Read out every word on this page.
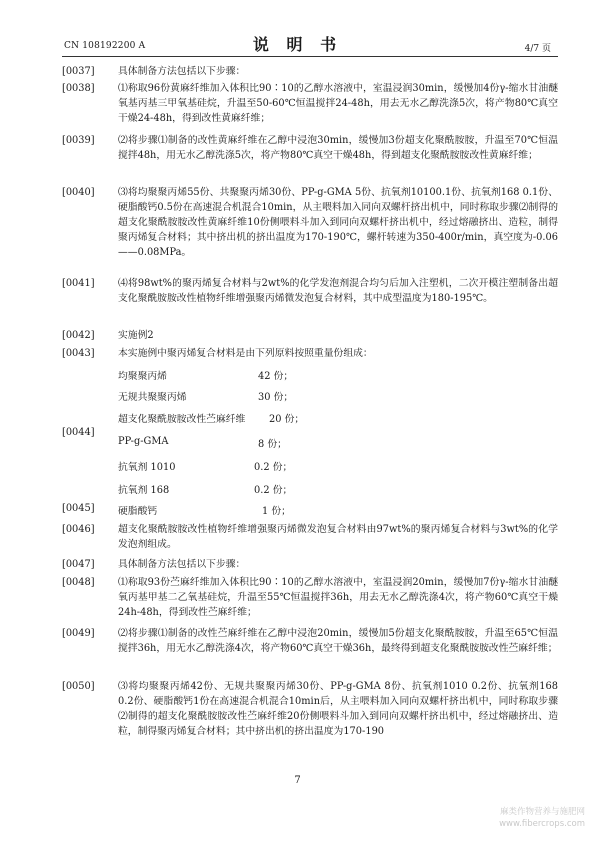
CN 108192200 A	说 明 书	4/7 页
[0037] 具体制备方法包括以下步骤：
[0038] ⑴称取96份黄麻纤维加入体积比90∶10的乙醇水溶液中，室温浸润30min，缓慢加4份γ-缩水甘油醚氧基丙基三甲氧基硅烷，升温至50-60℃恒温搅拌24-48h，用去无水乙醇洗涤5次，将产物80℃真空干燥24-48h，得到改性黄麻纤维；
[0039] ⑵将步骤⑴制备的改性黄麻纤维在乙醇中浸泡30min，缓慢加3份超支化聚酰胺胺，升温至70℃恒温搅拌48h，用无水乙醇洗涤5次，将产物80℃真空干燥48h，得到超支化聚酰胺胺改性黄麻纤维；
[0040] ⑶将均聚聚丙烯55份、共聚聚丙烯30份、PP-g-GMA 5份、抗氧剂10100.1份、抗氧剂168 0.1份、硬脂酸钙0.5份在高速混合机混合10min，从主喂料加入同向双螺杆挤出机中，同时称取步骤⑵制得的超支化聚酰胺胺改性黄麻纤维10份侧喂料斗加入到同向双螺杆挤出机中，经过熔融挤出、造粒，制得聚丙烯复合材料；其中挤出机的挤出温度为170-190℃，螺杆转速为350-400r/min，真空度为-0.06——0.08MPa。
[0041] ⑷将98wt%的聚丙烯复合材料与2wt%的化学发泡剂混合均匀后加入注塑机，二次开模注塑制备出超支化聚酰胺胺改性植物纤维增强聚丙烯微发泡复合材料，其中成型温度为180-195℃。
[0042] 实施例2
[0043] 本实施例中聚丙烯复合材料是由下列原料按照重量份组成：
[0044]
均聚聚丙烯	42 份；
无规共聚聚丙烯	30 份；
超支化聚酰胺胺改性苎麻纤维 20 份；
PP-g-GMA	8 份；
抗氧剂 1010	0.2 份；
抗氧剂 168	0.2 份；
[0045] 硬脂酸钙	1 份；
[0046] 超支化聚酰胺胺改性植物纤维增强聚丙烯微发泡复合材料由97wt%的聚丙烯复合材料与3wt%的化学发泡剂组成。
[0047] 具体制备方法包括以下步骤：
[0048] ⑴称取93份苎麻纤维加入体积比90∶10的乙醇水溶液中，室温浸润20min，缓慢加7份γ-缩水甘油醚氧丙基甲基二乙氧基硅烷，升温至55℃恒温搅拌36h，用去无水乙醇洗涤4次，将产物60℃真空干燥24h-48h，得到改性苎麻纤维；
[0049] ⑵将步骤⑴制备的改性苎麻纤维在乙醇中浸泡20min，缓慢加5份超支化聚酰胺胺，升温至65℃恒温搅拌36h，用无水乙醇洗涤4次，将产物60℃真空干燥36h，最终得到超支化聚酰胺胺改性苎麻纤维；
[0050] ⑶将均聚聚丙烯42份、无规共聚聚丙烯30份、PP-g-GMA 8份、抗氧剂1010 0.2份、抗氧剂168 0.2份、硬脂酸钙1份在高速混合机混合10min后，从主喂料加入同向双螺杆挤出机中，同时称取步骤⑵制得的超支化聚酰胺胺改性苎麻纤维20份侧喂料斗加入到同向双螺杆挤出机中，经过熔融挤出、造粒，制得聚丙烯复合材料；其中挤出机的挤出温度为170-190
7
麻类作物营养与施肥网
www.fibercrops.com
